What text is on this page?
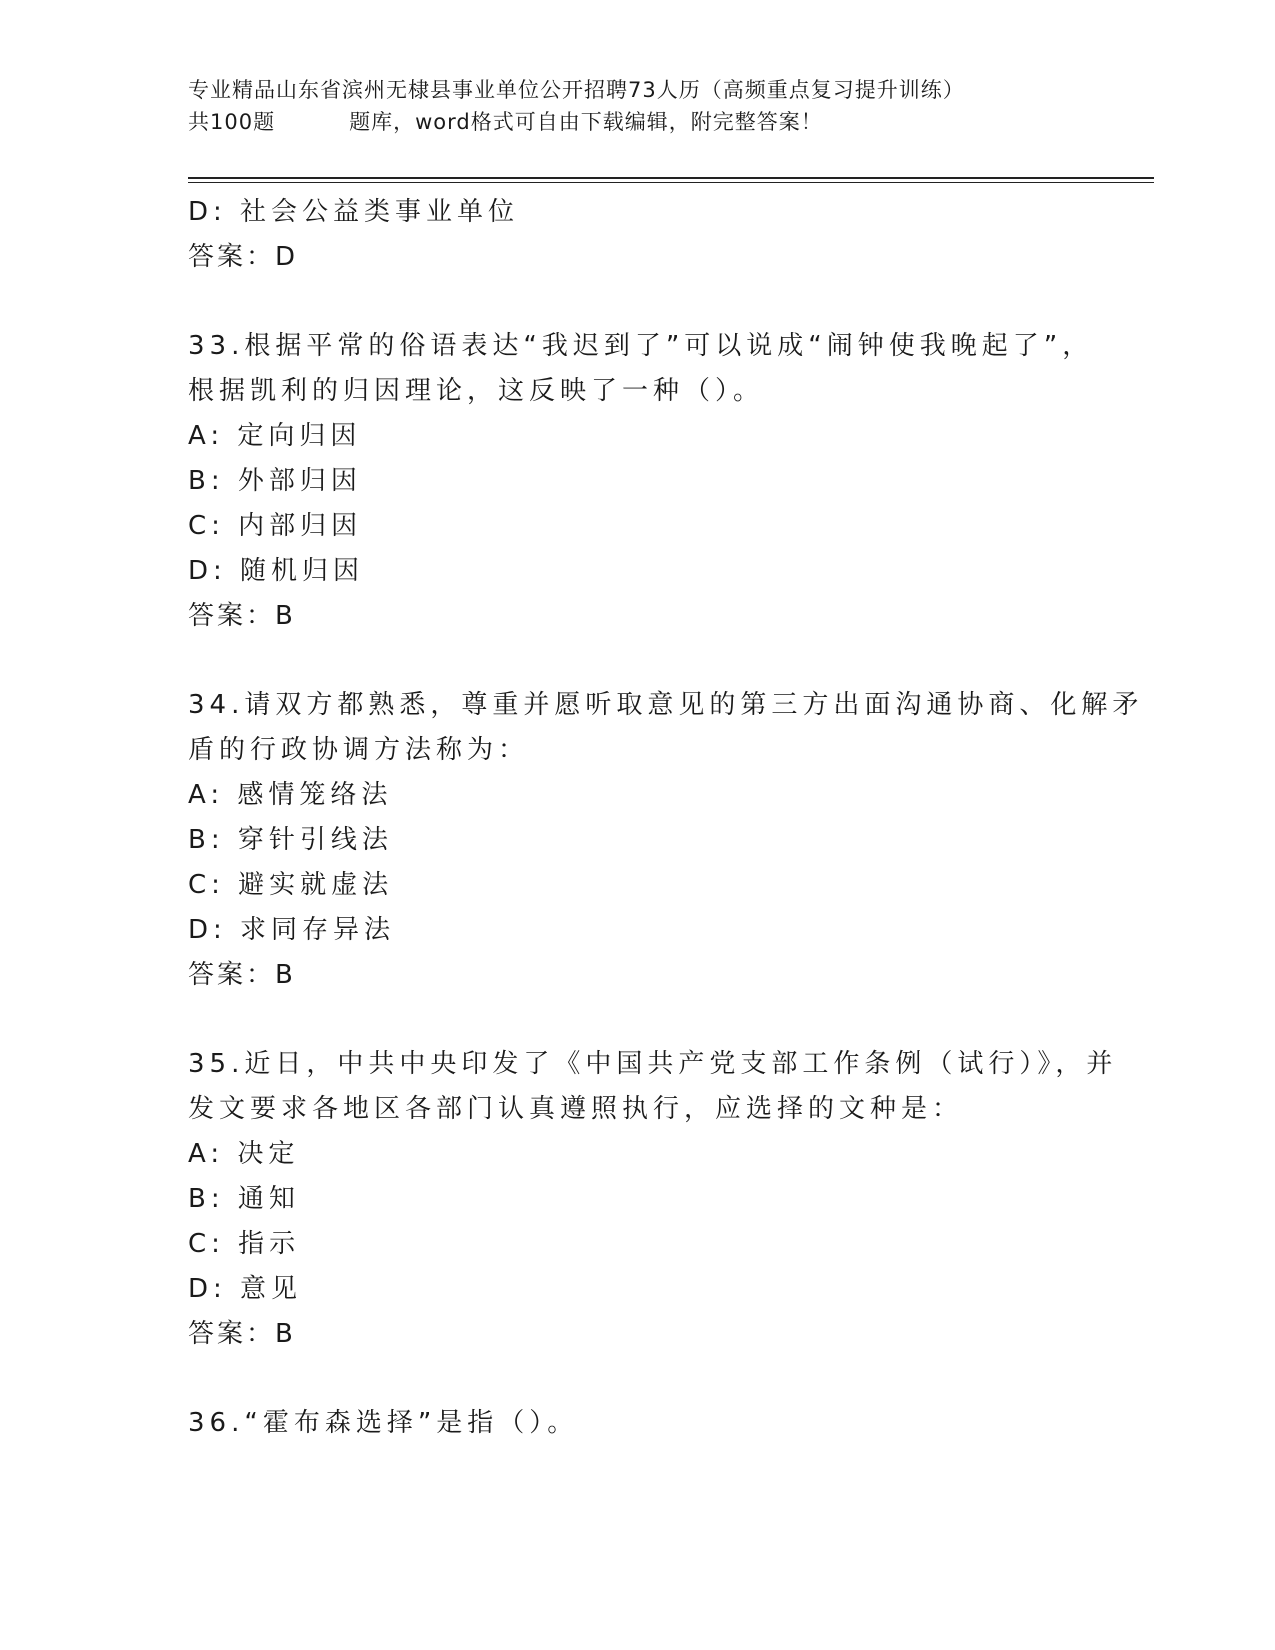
专业精品山东省滨州无棣县事业单位公开招聘73人历（高频重点复习提升训练）
共100题	题库，word格式可自由下载编辑，附完整答案！
D: 社会公益类事业单位
答案：D
33.根据平常的俗语表达“我迟到了”可以说成“闹钟使我晚起了”，
根据凯利的归因理论，这反映了一种（）。
A: 定向归因
B: 外部归因
C: 内部归因
D: 随机归因
答案：B
34.请双方都熟悉，尊重并愿听取意见的第三方出面沟通协商、化解矛
盾的行政协调方法称为：
A: 感情笼络法
B: 穿针引线法
C: 避实就虚法
D: 求同存异法
答案：B
35.近日，中共中央印发了《中国共产党支部工作条例（试行）》，并
发文要求各地区各部门认真遵照执行，应选择的文种是：
A: 决定
B: 通知
C: 指示
D: 意见
答案：B
36.“霍布森选择”是指（）。
